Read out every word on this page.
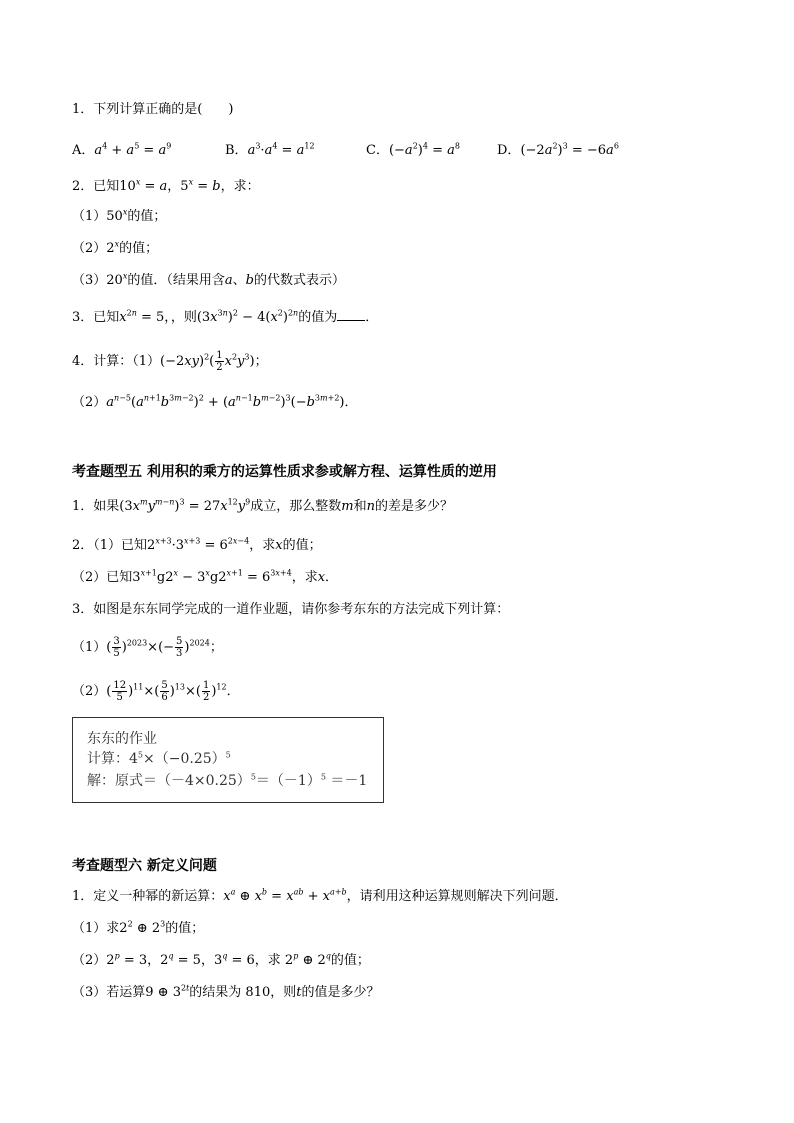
1．下列计算正确的是(　　)
A．$a^4 + a^5 = a^9$	B．$a^3\cdot a^4 = a^{12}$	C．$(-a^2)^4 = a^8$	D．$(-2a^2)^3 = -6a^6$
2．已知$10^x = a$，$5^x = b$，求：
（1）50$^x$的值；
（2）2$^x$的值；
（3）20$^x$的值．（结果用含a、b的代数式表示）
3．已知$x^{2n} = 5$，，则$(3x^{3n})^2 - 4(x^2)^{2n}$的值为 ．
4．计算：$(1)(-2xy)^2( \frac{1}{2} x^2y^3)$；
$(2)a^{n-5}(a^{n+1}b^{3m-2})^2 + (a^{n-1}b^{m-2})^3(-b^{3m+2})$．
考查题型五 利用积的乘方的运算性质求参或解方程、运算性质的逆用
1．如果$(3x^my^{m-n})^3 = 27x^{12}y^9$成立，那么整数m和n的差是多少？
2．（1）已知$2^{x+3}\cdot 3^{x+3} = 6^{2x-4}$，求x的值；
（2）已知$3^{x+1}g2^x - 3^xg2^{x+1} = 6^{3x+4}$，求x．
3．如图是东东同学完成的一道作业题，请你参考东东的方法完成下列计算：
$(1)( \frac{3}{5} )^{2023}\times(- \frac{5}{3} )^{2024}$；
$(2)( \frac{12}{5} )^{11}\times( \frac{5}{6} )^{13}\times( \frac{1}{2} )^{12}$．
东东的作业
计算：$4^5\times(-0.25)^5$
解：原式$=(-4\times 0.25)^5=(-1)^5 =-1$
考查题型六 新定义问题
1．定义一种幂的新运算：$x^a$ ⊕ $x^b = x^{ab} + x^{a+b}$，请利用这种运算规则解决下列问题．
（1）求$2^2$ ⊕ $2^3$的值；
$(2)2^p = 3$，$2^q = 5$，$3^q = 6$，求 2$^p$ ⊕ 2$^q$的值；
（3）若运算9 ⊕ $3^{2t}$的结果为 810，则t的值是多少？
